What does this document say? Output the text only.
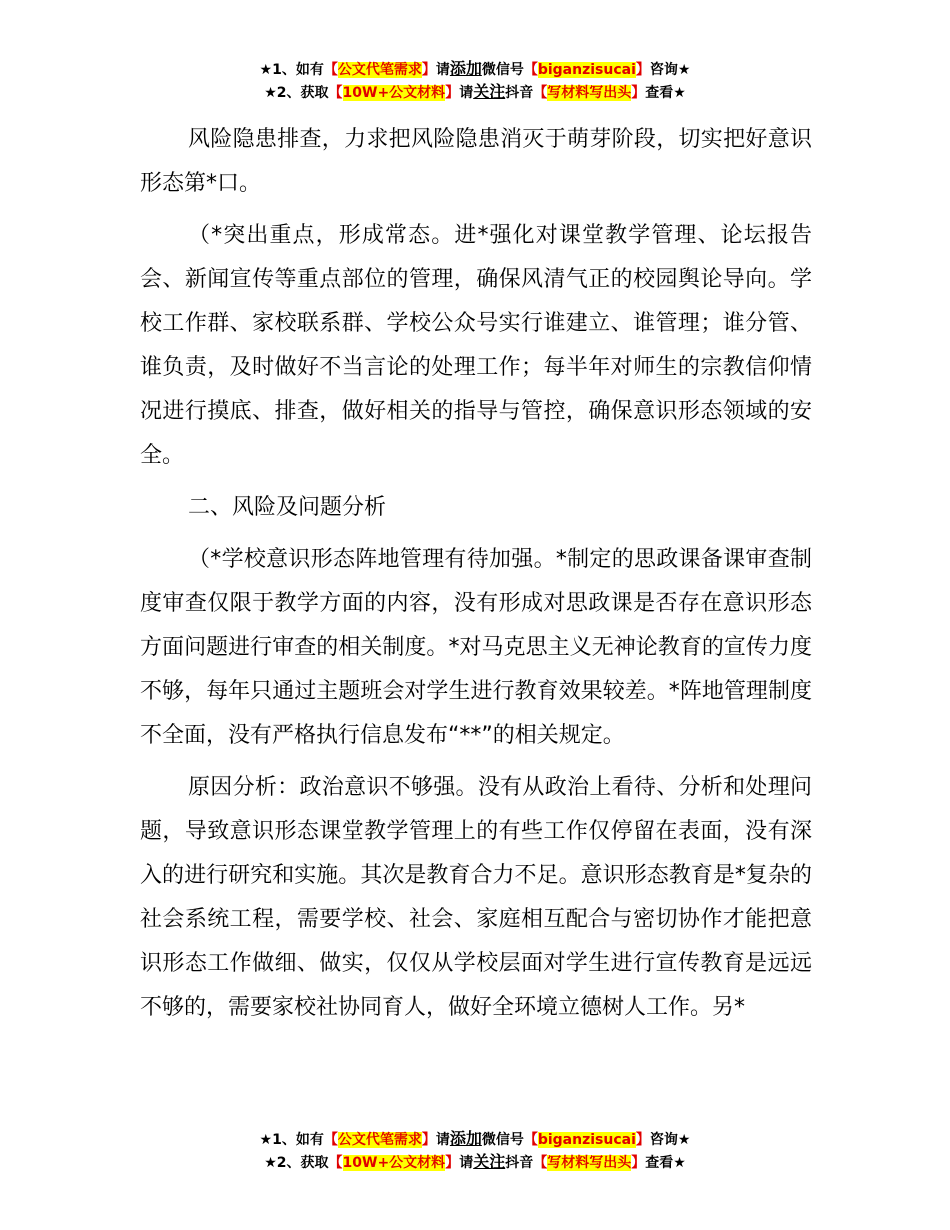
★1、如有【公文代笔需求】请添加微信号【biganzisucai】咨询★
★2、获取【10W+公文材料】请关注抖音【写材料写出头】查看★

风险隐患排查，力求把风险隐患消灭于萌芽阶段，切实把好意识形态第*口。

（*突出重点，形成常态。进*强化对课堂教学管理、论坛报告会、新闻宣传等重点部位的管理，确保风清气正的校园舆论导向。学校工作群、家校联系群、学校公众号实行谁建立、谁管理；谁分管、谁负责，及时做好不当言论的处理工作；每半年对师生的宗教信仰情况进行摸底、排查，做好相关的指导与管控，确保意识形态领域的安全。

二、风险及问题分析

（*学校意识形态阵地管理有待加强。*制定的思政课备课审查制度审查仅限于教学方面的内容，没有形成对思政课是否存在意识形态方面问题进行审查的相关制度。*对马克思主义无神论教育的宣传力度不够，每年只通过主题班会对学生进行教育效果较差。*阵地管理制度不全面，没有严格执行信息发布“**”的相关规定。

原因分析：政治意识不够强。没有从政治上看待、分析和处理问题，导致意识形态课堂教学管理上的有些工作仅停留在表面，没有深入的进行研究和实施。其次是教育合力不足。意识形态教育是*复杂的社会系统工程，需要学校、社会、家庭相互配合与密切协作才能把意识形态工作做细、做实，仅仅从学校层面对学生进行宣传教育是远远不够的，需要家校社协同育人，做好全环境立德树人工作。另*

★1、如有【公文代笔需求】请添加微信号【biganzisucai】咨询★
★2、获取【10W+公文材料】请关注抖音【写材料写出头】查看★
